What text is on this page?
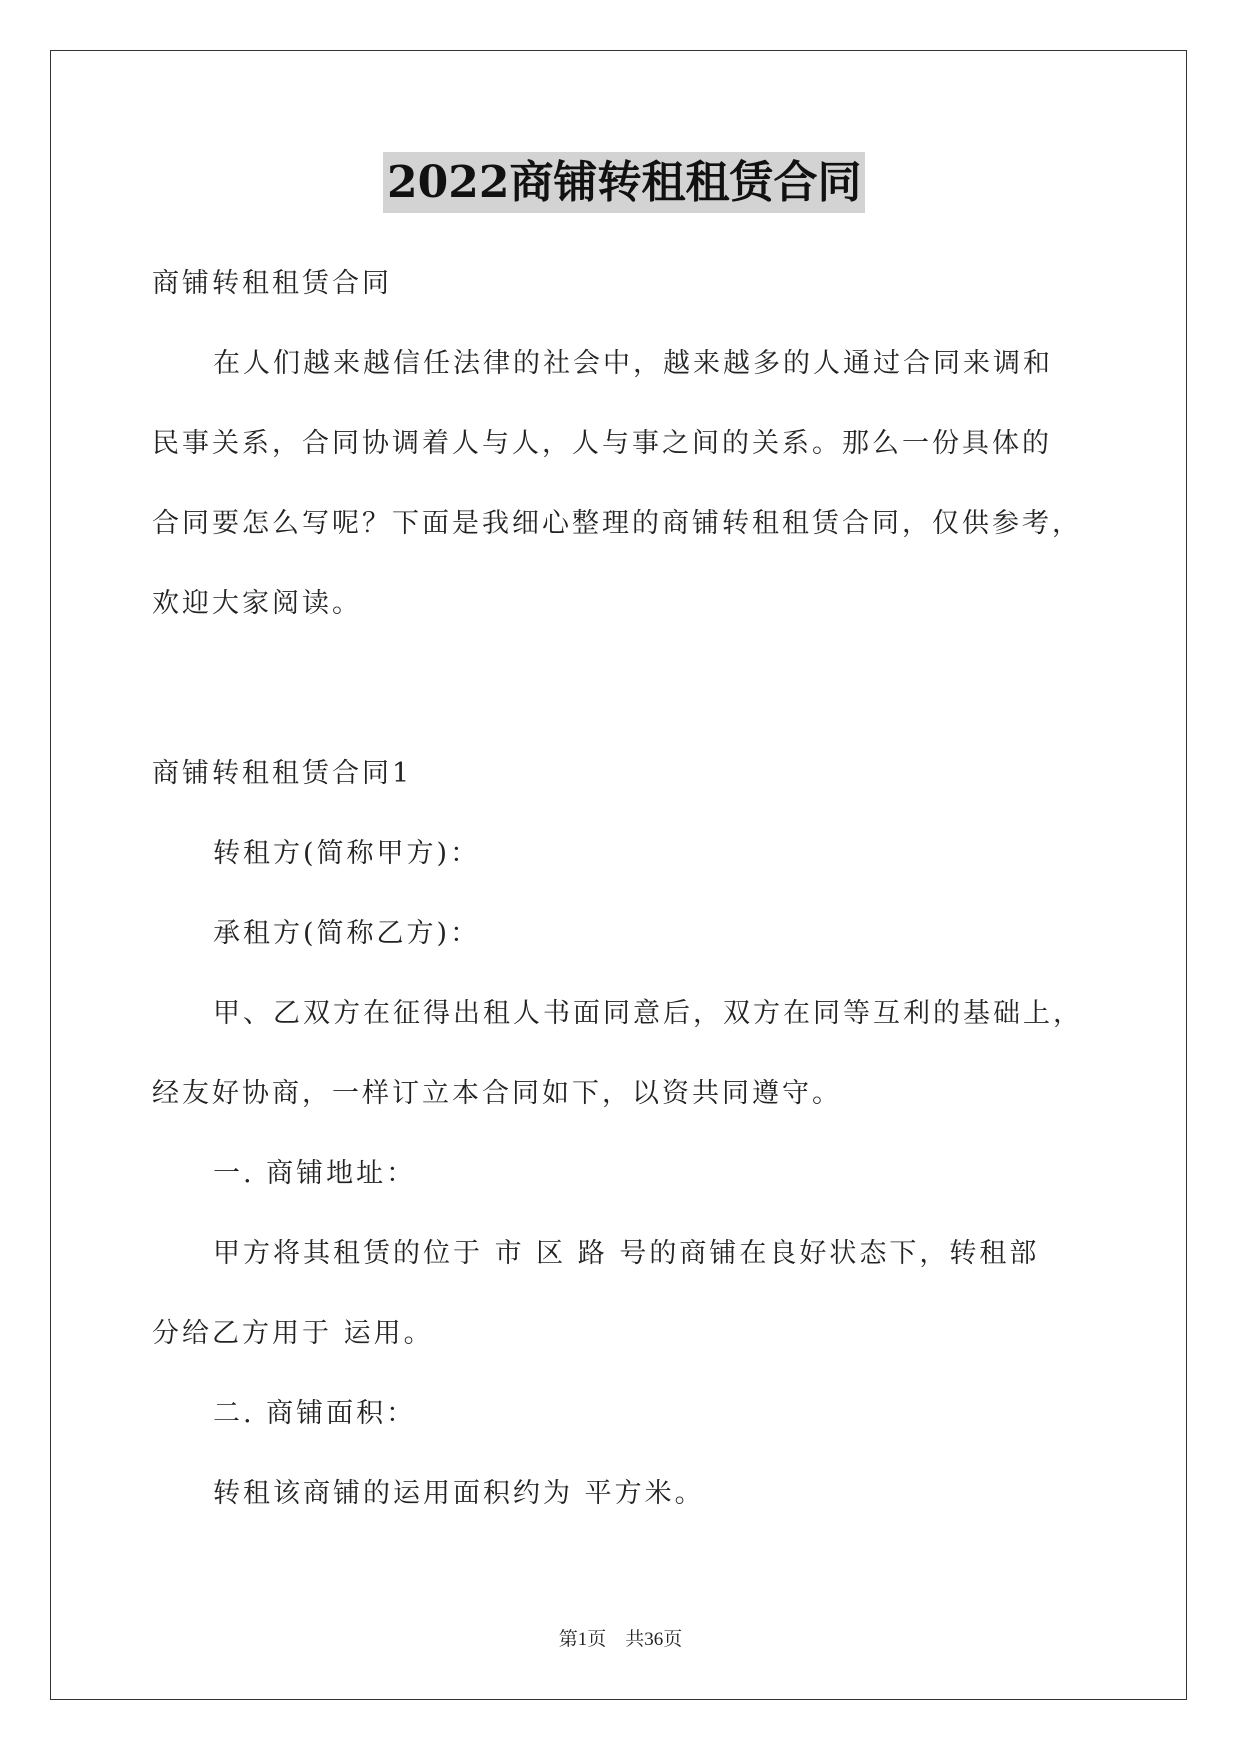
2022商铺转租租赁合同
商铺转租租赁合同
在人们越来越信任法律的社会中，越来越多的人通过合同来调和
民事关系，合同协调着人与人，人与事之间的关系。那么一份具体的
合同要怎么写呢？下面是我细心整理的商铺转租租赁合同，仅供参考，
欢迎大家阅读。
商铺转租租赁合同1
转租方(简称甲方)：
承租方(简称乙方)：
甲、乙双方在征得出租人书面同意后，双方在同等互利的基础上，
经友好协商，一样订立本合同如下，以资共同遵守。
一. 商铺地址：
甲方将其租赁的位于 市 区 路 号的商铺在良好状态下，转租部
分给乙方用于 运用。
二. 商铺面积：
转租该商铺的运用面积约为 平方米。
第1页 共36页
